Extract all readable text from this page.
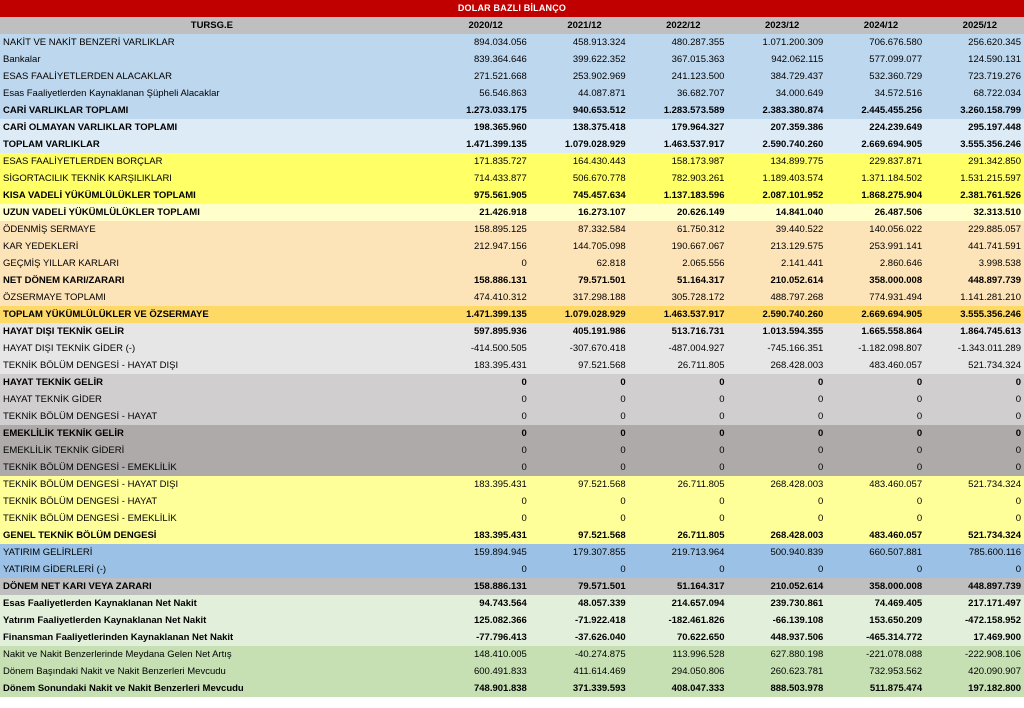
DOLAR BAZLI BİLANÇO
TURSG.E	2020/12	2021/12	2022/12	2023/12	2024/12	2025/12
NAKİT VE NAKİT BENZERİ VARLIKLAR	894.034.056	458.913.324	480.287.355	1.071.200.309	706.676.580	256.620.345
Bankalar	839.364.646	399.622.352	367.015.363	942.062.115	577.099.077	124.590.131
ESAS FAALİYETLERDEN ALACAKLAR	271.521.668	253.902.969	241.123.500	384.729.437	532.360.729	723.719.276
Esas Faaliyetlerden Kaynaklanan Şüpheli Alacaklar	56.546.863	44.087.871	36.682.707	34.000.649	34.572.516	68.722.034
CARİ VARLIKLAR TOPLAMI	1.273.033.175	940.653.512	1.283.573.589	2.383.380.874	2.445.455.256	3.260.158.799
CARİ OLMAYAN VARLIKLAR TOPLAMI	198.365.960	138.375.418	179.964.327	207.359.386	224.239.649	295.197.448
TOPLAM VARLIKLAR	1.471.399.135	1.079.028.929	1.463.537.917	2.590.740.260	2.669.694.905	3.555.356.246
ESAS FAALİYETLERDEN BORÇLAR	171.835.727	164.430.443	158.173.987	134.899.775	229.837.871	291.342.850
SİGORTACILIK TEKNİK KARŞILIKLARI	714.433.877	506.670.778	782.903.261	1.189.403.574	1.371.184.502	1.531.215.597
KISA VADELİ YÜKÜMLÜLÜKLER TOPLAMI	975.561.905	745.457.634	1.137.183.596	2.087.101.952	1.868.275.904	2.381.761.526
UZUN VADELİ YÜKÜMLÜLÜKLER TOPLAMI	21.426.918	16.273.107	20.626.149	14.841.040	26.487.506	32.313.510
ÖDENMİŞ SERMAYE	158.895.125	87.332.584	61.750.312	39.440.522	140.056.022	229.885.057
KAR YEDEKLERİ	212.947.156	144.705.098	190.667.067	213.129.575	253.991.141	441.741.591
GEÇMİŞ YILLAR KARLARI	0	62.818	2.065.556	2.141.441	2.860.646	3.998.538
NET DÖNEM KARI/ZARARI	158.886.131	79.571.501	51.164.317	210.052.614	358.000.008	448.897.739
ÖZSERMAYE TOPLAMI	474.410.312	317.298.188	305.728.172	488.797.268	774.931.494	1.141.281.210
TOPLAM YÜKÜMLÜLÜKLER VE ÖZSERMAYE	1.471.399.135	1.079.028.929	1.463.537.917	2.590.740.260	2.669.694.905	3.555.356.246
HAYAT DIŞI TEKNİK GELİR	597.895.936	405.191.986	513.716.731	1.013.594.355	1.665.558.864	1.864.745.613
HAYAT DIŞI TEKNİK GİDER (-)	-414.500.505	-307.670.418	-487.004.927	-745.166.351	-1.182.098.807	-1.343.011.289
TEKNİK BÖLÜM DENGESİ - HAYAT DIŞI	183.395.431	97.521.568	26.711.805	268.428.003	483.460.057	521.734.324
HAYAT TEKNİK GELİR	0	0	0	0	0	0
HAYAT TEKNİK GİDER	0	0	0	0	0	0
TEKNİK BÖLÜM DENGESİ - HAYAT	0	0	0	0	0	0
EMEKLİLİK TEKNİK GELİR	0	0	0	0	0	0
EMEKLİLİK TEKNİK GİDERİ	0	0	0	0	0	0
TEKNİK BÖLÜM DENGESİ - EMEKLİLİK	0	0	0	0	0	0
TEKNİK BÖLÜM DENGESİ - HAYAT DIŞI	183.395.431	97.521.568	26.711.805	268.428.003	483.460.057	521.734.324
TEKNİK BÖLÜM DENGESİ - HAYAT	0	0	0	0	0	0
TEKNİK BÖLÜM DENGESİ - EMEKLİLİK	0	0	0	0	0	0
GENEL TEKNİK BÖLÜM DENGESİ	183.395.431	97.521.568	26.711.805	268.428.003	483.460.057	521.734.324
YATIRIM GELİRLERİ	159.894.945	179.307.855	219.713.964	500.940.839	660.507.881	785.600.116
YATIRIM GİDERLERİ (-)	0	0	0	0	0	0
DÖNEM NET KARI VEYA ZARARI	158.886.131	79.571.501	51.164.317	210.052.614	358.000.008	448.897.739
Esas Faaliyetlerden Kaynaklanan Net Nakit	94.743.564	48.057.339	214.657.094	239.730.861	74.469.405	217.171.497
Yatırım Faaliyetlerden Kaynaklanan Net Nakit	125.082.366	-71.922.418	-182.461.826	-66.139.108	153.650.209	-472.158.952
Finansman Faaliyetlerinden Kaynaklanan Net Nakit	-77.796.413	-37.626.040	70.622.650	448.937.506	-465.314.772	17.469.900
Nakit ve Nakit Benzerlerinde Meydana Gelen Net Artış	148.410.005	-40.274.875	113.996.528	627.880.198	-221.078.088	-222.908.106
Dönem Başındaki Nakit ve Nakit Benzerleri Mevcudu	600.491.833	411.614.469	294.050.806	260.623.781	732.953.562	420.090.907
Dönem Sonundaki Nakit ve Nakit Benzerleri Mevcudu	748.901.838	371.339.593	408.047.333	888.503.978	511.875.474	197.182.800
